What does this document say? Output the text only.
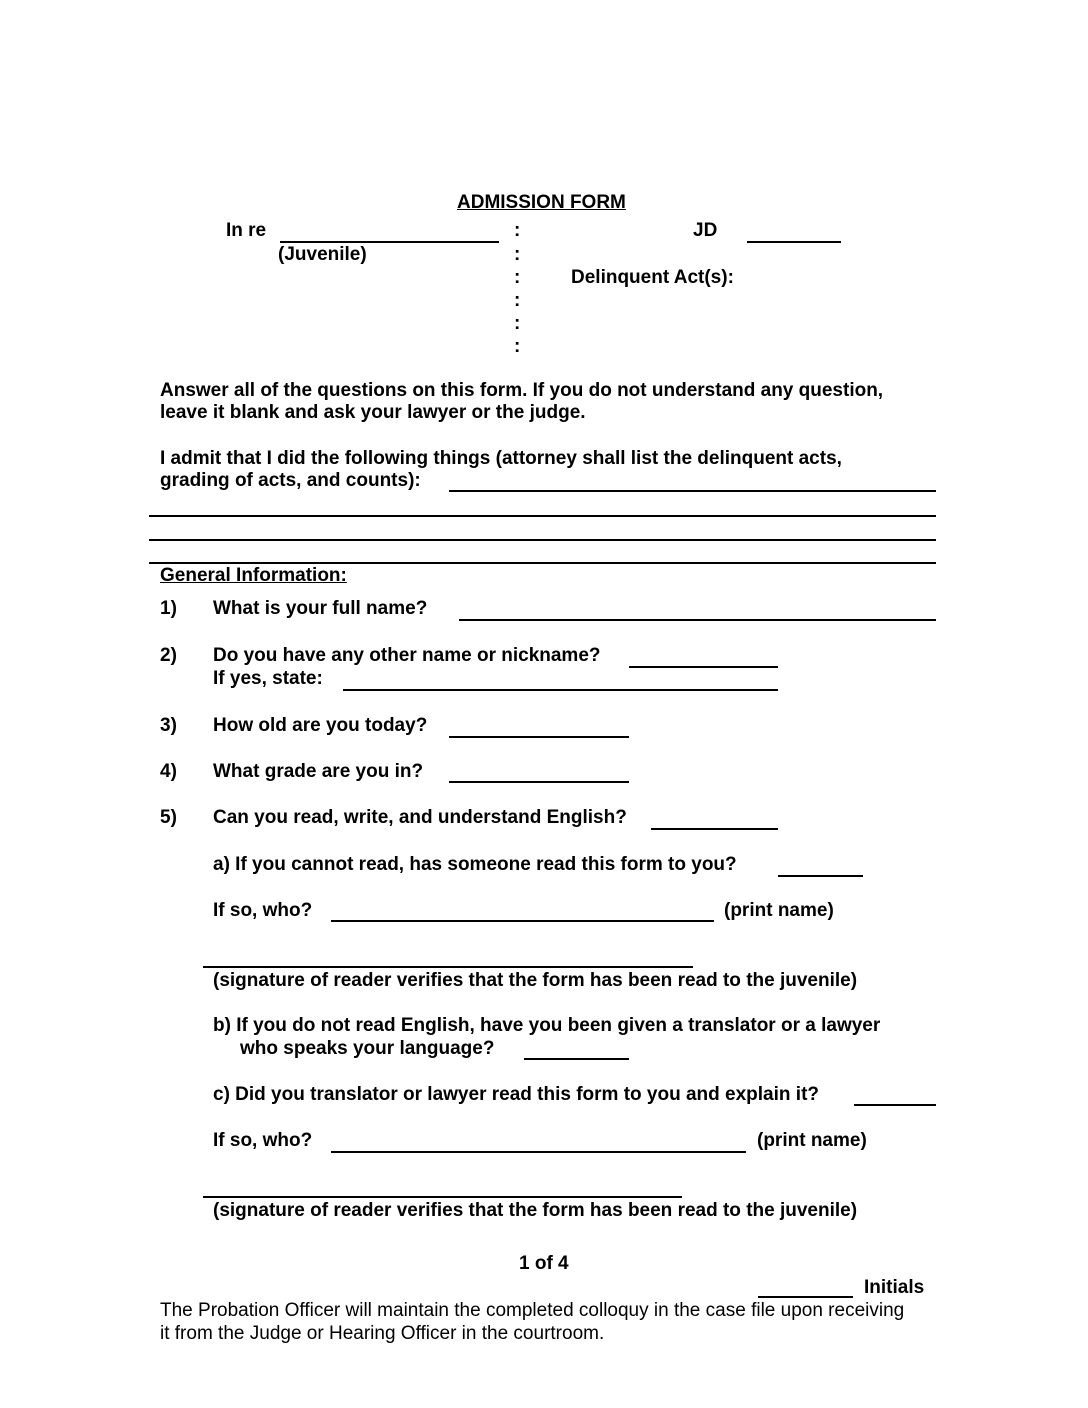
ADMISSION FORM
In re
(Juvenile)
:
:
:
:
:
:
JD
Delinquent Act(s):
Answer all of the questions on this form. If you do not understand any question,
leave it blank and ask your lawyer or the judge.
I admit that I did the following things (attorney shall list the delinquent acts,
grading of acts, and counts):
General Information:
1) What is your full name?
2) Do you have any other name or nickname?
If yes, state:
3) How old are you today?
4) What grade are you in?
5) Can you read, write, and understand English?
a) If you cannot read, has someone read this form to you?
If so, who?	(print name)
(signature of reader verifies that the form has been read to the juvenile)
b) If you do not read English, have you been given a translator or a lawyer
who speaks your language?
c) Did you translator or lawyer read this form to you and explain it?
If so, who?	(print name)
(signature of reader verifies that the form has been read to the juvenile)
1 of 4
Initials
The Probation Officer will maintain the completed colloquy in the case file upon receiving
it from the Judge or Hearing Officer in the courtroom.
